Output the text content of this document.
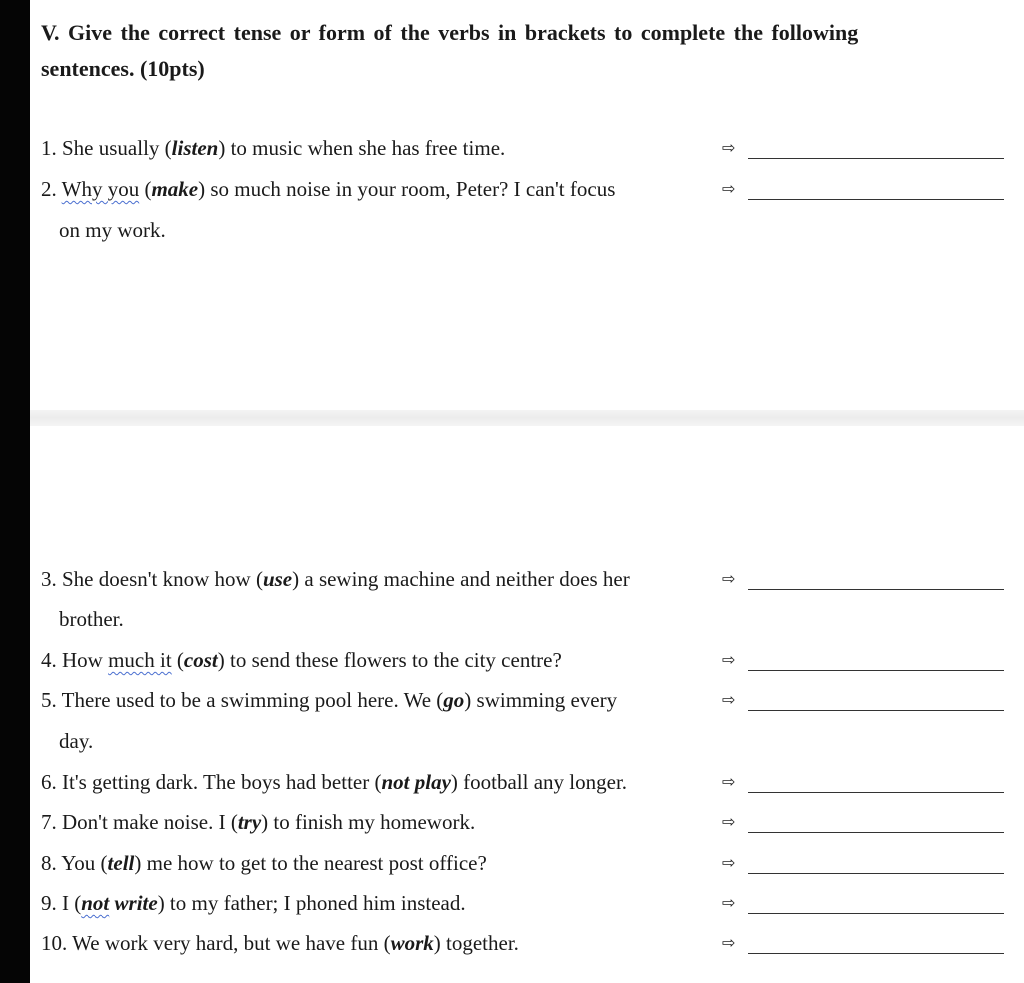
V. Give the correct tense or form of the verbs in brackets to complete the following
sentences. (10pts)
1. She usually (listen) to music when she has free time.	⇨
2. Why you (make) so much noise in your room, Peter? I can't focus	⇨
on my work.
3. She doesn't know how (use) a sewing machine and neither does her	⇨
brother.
4. How much it (cost) to send these flowers to the city centre?	⇨
5. There used to be a swimming pool here. We (go) swimming every	⇨
day.
6. It's getting dark. The boys had better (not play) football any longer.	⇨
7. Don't make noise. I (try) to finish my homework.	⇨
8. You (tell) me how to get to the nearest post office?	⇨
9. I (not write) to my father; I phoned him instead.	⇨
10. We work very hard, but we have fun (work) together.	⇨
